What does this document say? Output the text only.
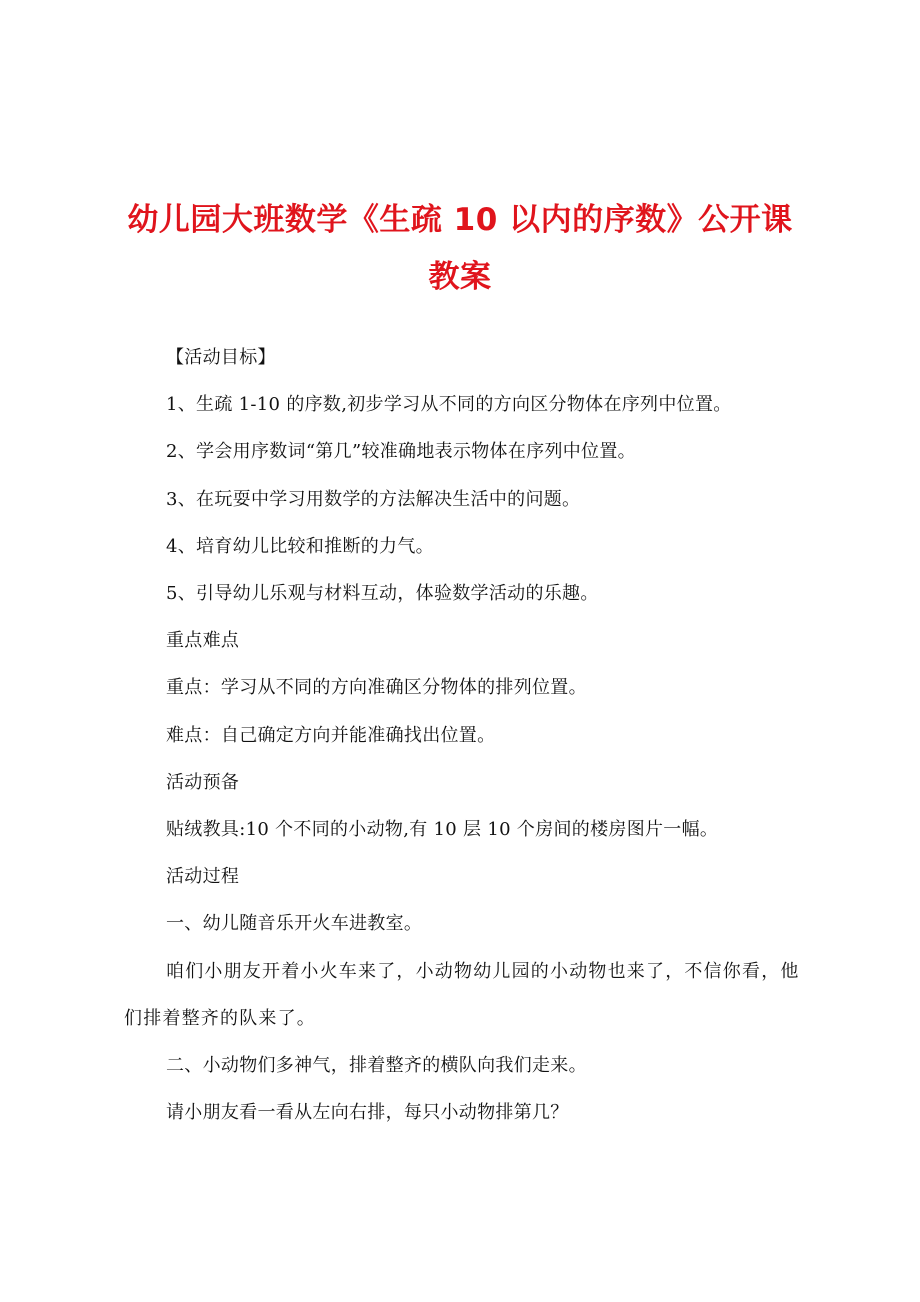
幼儿园大班数学《生疏 10 以内的序数》公开课
教案

【活动目标】

1、生疏 1-10 的序数,初步学习从不同的方向区分物体在序列中位置。

2、学会用序数词“第几”较准确地表示物体在序列中位置。

3、在玩耍中学习用数学的方法解决生活中的问题。

4、培育幼儿比较和推断的力气。

5、引导幼儿乐观与材料互动，体验数学活动的乐趣。

重点难点

重点：学习从不同的方向准确区分物体的排列位置。

难点：自己确定方向并能准确找出位置。

活动预备

贴绒教具:10 个不同的小动物,有 10 层 10 个房间的楼房图片一幅。

活动过程

一、幼儿随音乐开火车进教室。

咱们小朋友开着小火车来了，小动物幼儿园的小动物也来了，不信你看，他们排着整齐的队来了。

二、小动物们多神气，排着整齐的横队向我们走来。

请小朋友看一看从左向右排，每只小动物排第几？
